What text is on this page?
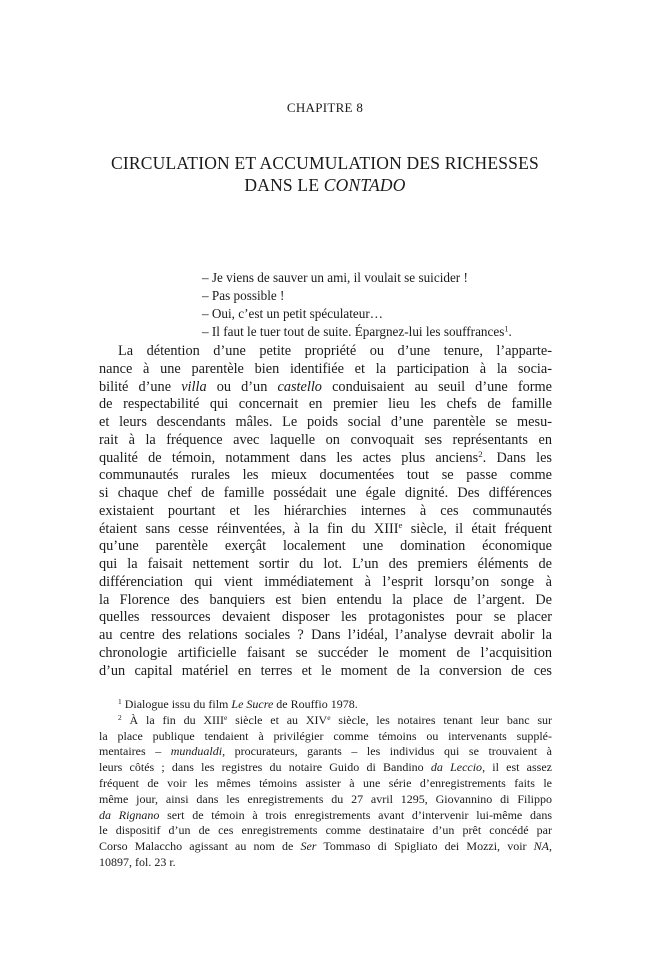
CHAPITRE 8
CIRCULATION ET ACCUMULATION DES RICHESSES
DANS LE CONTADO
– Je viens de sauver un ami, il voulait se suicider !
– Pas possible !
– Oui, c’est un petit spéculateur…
– Il faut le tuer tout de suite. Épargnez-lui les souffrances$^1$.
La détention d’une petite propriété ou d’une tenure, l’apparte-
nance à une parentèle bien identifiée et la participation à la socia-
bilité d’une villa ou d’un castello conduisaient au seuil d’une forme
de respectabilité qui concernait en premier lieu les chefs de famille
et leurs descendants mâles. Le poids social d’une parentèle se mesu-
rait à la fréquence avec laquelle on convoquait ses représentants en
qualité de témoin, notamment dans les actes plus anciens$^2$. Dans les
communautés rurales les mieux documentées tout se passe comme
si chaque chef de famille possédait une égale dignité. Des différences
existaient pourtant et les hiérarchies internes à ces communautés
étaient sans cesse réinventées, à la fin du XIIIe siècle, il était fréquent
qu’une parentèle exerçât localement une domination économique
qui la faisait nettement sortir du lot. L’un des premiers éléments de
différenciation qui vient immédiatement à l’esprit lorsqu’on songe à
la Florence des banquiers est bien entendu la place de l’argent. De
quelles ressources devaient disposer les protagonistes pour se placer
au centre des relations sociales ? Dans l’idéal, l’analyse devrait abolir la
chronologie artificielle faisant se succéder le moment de l’acquisition
d’un capital matériel en terres et le moment de la conversion de ces
$^1$ Dialogue issu du film Le Sucre de Rouffio 1978.
$^2$ À la fin du XIIIe siècle et au XIVe siècle, les notaires tenant leur banc sur
la place publique tendaient à privilégier comme témoins ou intervenants supplé-
mentaires – mundualdi, procurateurs, garants – les individus qui se trouvaient à
leurs côtés ; dans les registres du notaire Guido di Bandino da Leccio, il est assez
fréquent de voir les mêmes témoins assister à une série d’enregistrements faits le
même jour, ainsi dans les enregistrements du 27 avril 1295, Giovannino di Filippo
da Rignano sert de témoin à trois enregistrements avant d’intervenir lui-même dans
le dispositif d’un de ces enregistrements comme destinataire d’un prêt concédé par
Corso Malaccho agissant au nom de Ser Tommaso di Spigliato dei Mozzi, voir NA,
10897, fol. 23 r.
